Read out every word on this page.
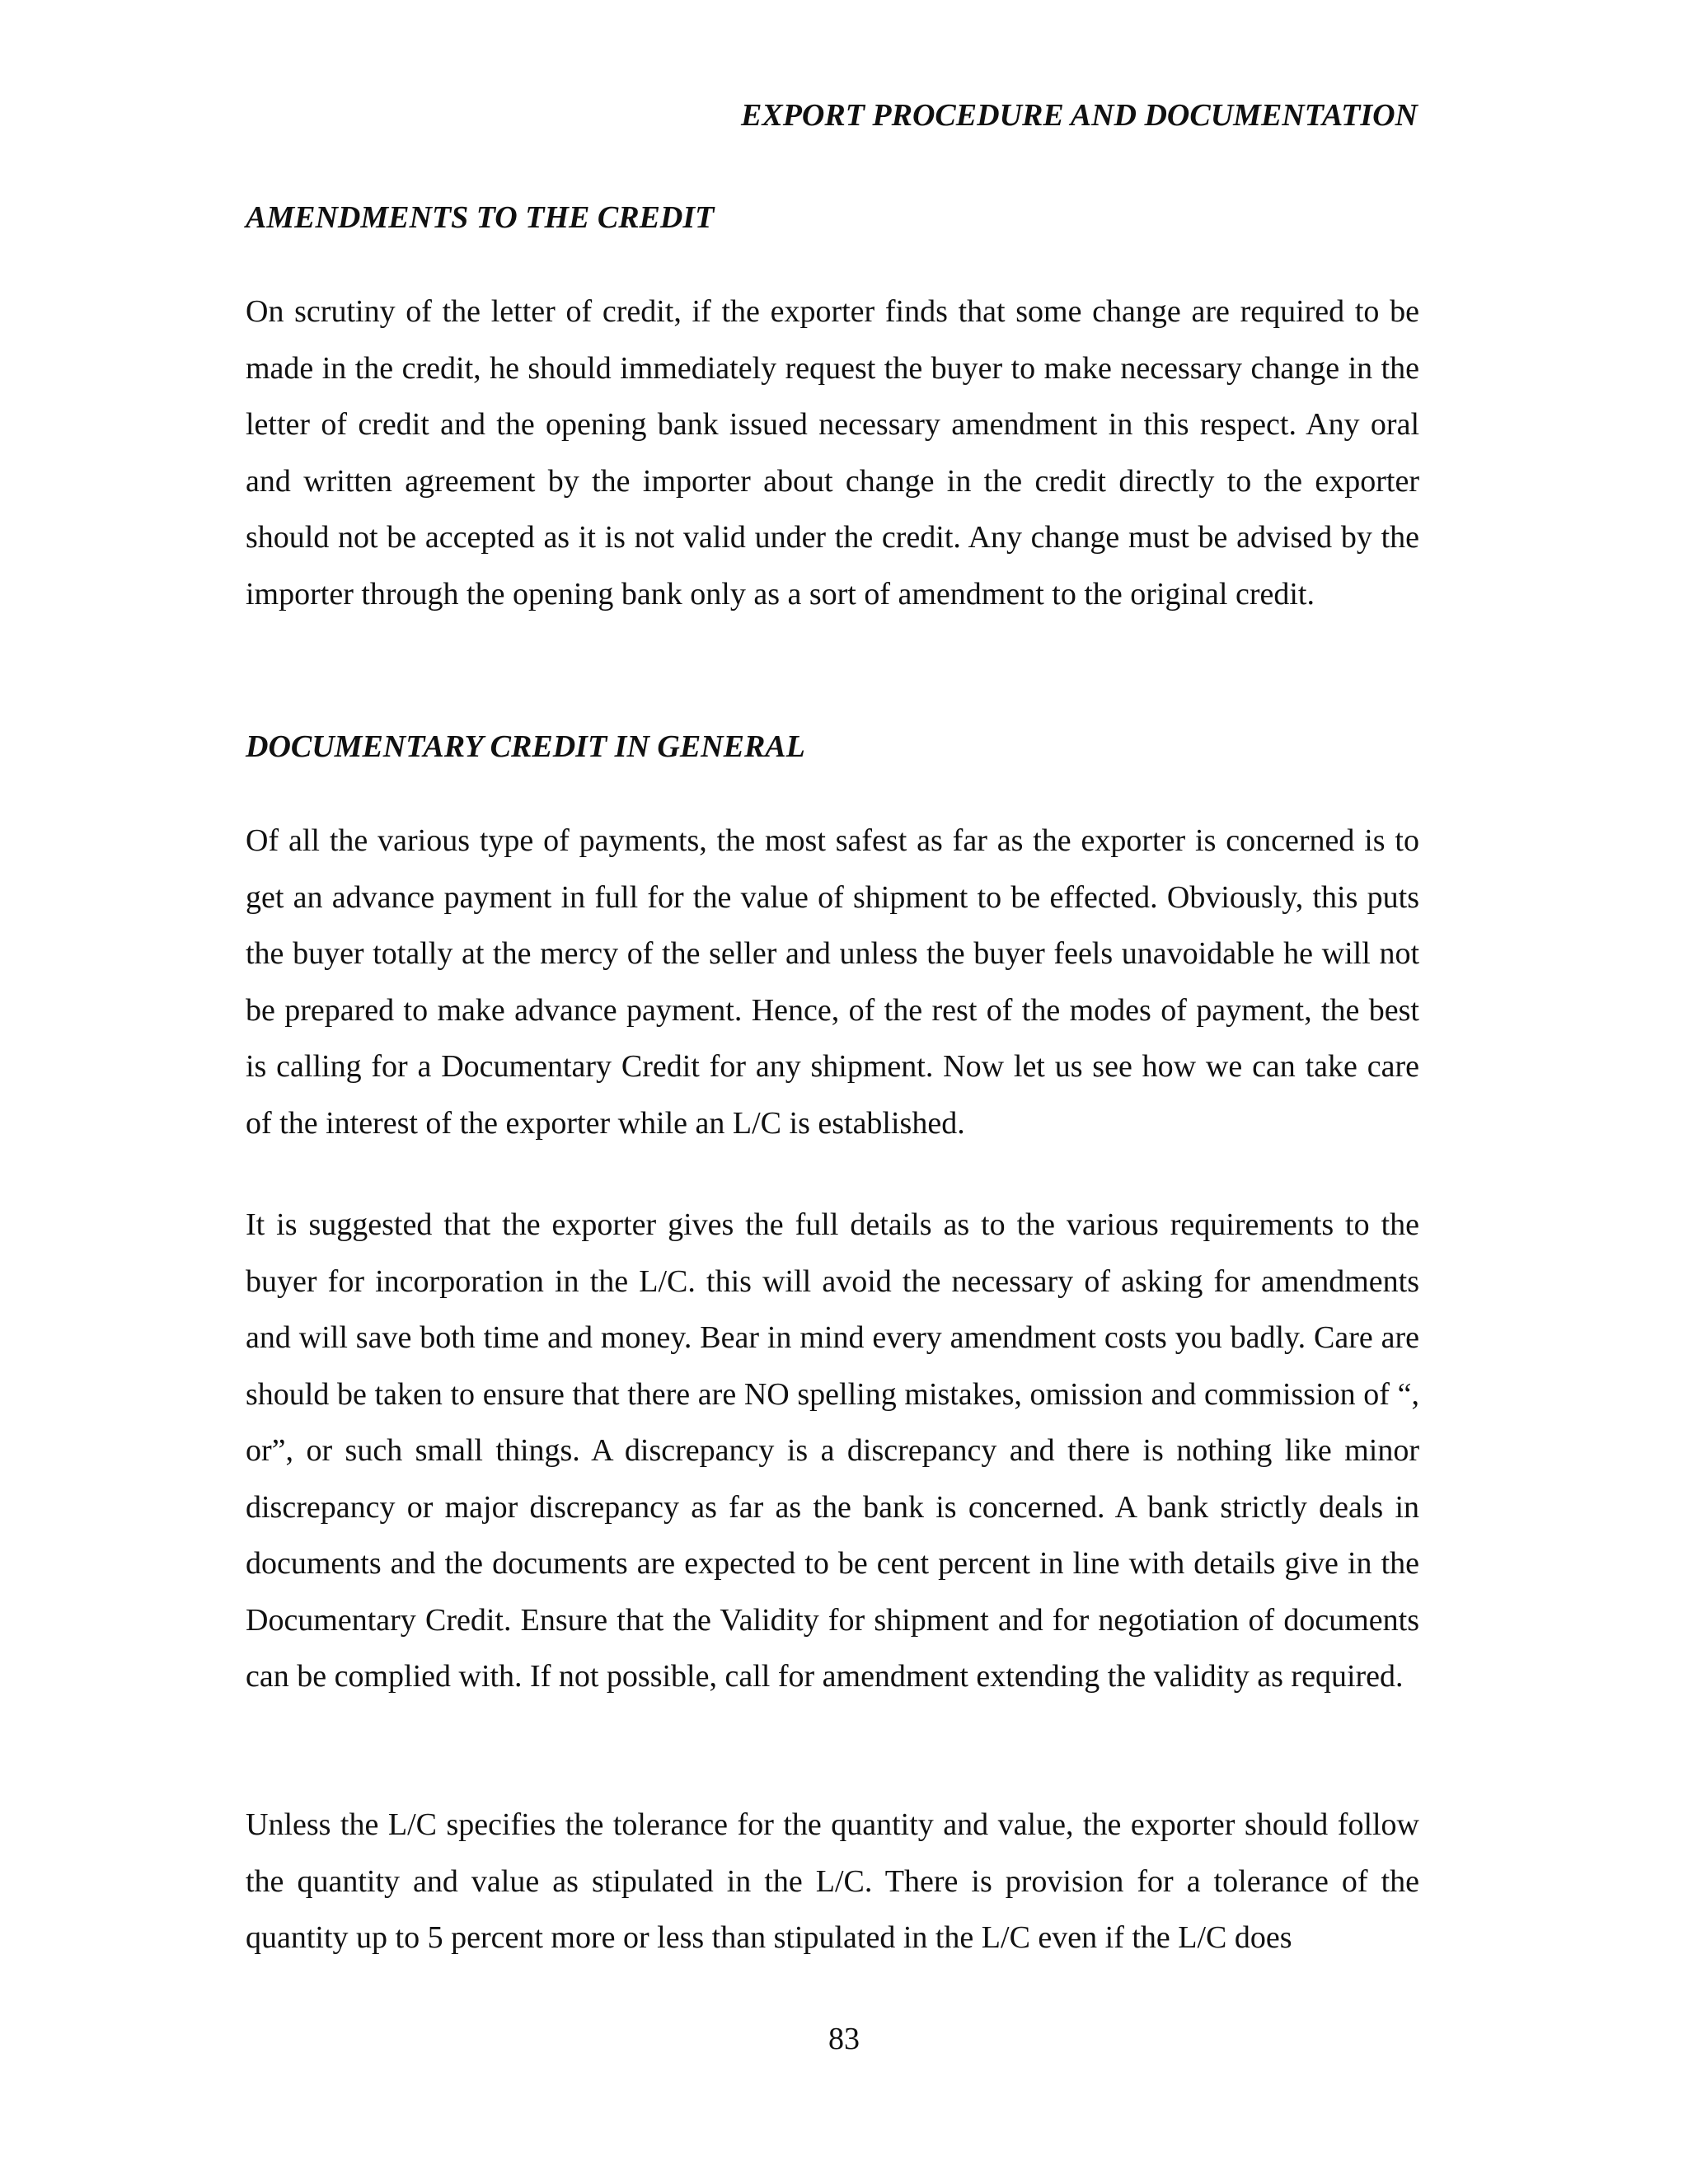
EXPORT PROCEDURE AND DOCUMENTATION
AMENDMENTS TO THE CREDIT

On scrutiny of the letter of credit, if the exporter finds that some change are required to be made in the credit, he should immediately request the buyer to make necessary change in the letter of credit and the opening bank issued necessary amendment in this respect. Any oral and written agreement by the importer about change in the credit directly to the exporter should not be accepted as it is not valid under the credit. Any change must be advised by the importer through the opening bank only as a sort of amendment to the original credit.

DOCUMENTARY CREDIT IN GENERAL

Of all the various type of payments, the most safest as far as the exporter is concerned is to get an advance payment in full for the value of shipment to be effected. Obviously, this puts the buyer totally at the mercy of the seller and unless the buyer feels unavoidable he will not be prepared to make advance payment. Hence, of the rest of the modes of payment, the best is calling for a Documentary Credit for any shipment. Now let us see how we can take care of the interest of the exporter while an L/C is established.

It is suggested that the exporter gives the full details as to the various requirements to the buyer for incorporation in the L/C. this will avoid the necessary of asking for amendments and will save both time and money. Bear in mind every amendment costs you badly. Care are should be taken to ensure that there are NO spelling mistakes, omission and commission of “, or”, or such small things. A discrepancy is a discrepancy and there is nothing like minor discrepancy or major discrepancy as far as the bank is concerned. A bank strictly deals in documents and the documents are expected to be cent percent in line with details give in the Documentary Credit. Ensure that the Validity for shipment and for negotiation of documents can be complied with. If not possible, call for amendment extending the validity as required.

Unless the L/C specifies the tolerance for the quantity and value, the exporter should follow the quantity and value as stipulated in the L/C. There is provision for a tolerance of the quantity up to 5 percent more or less than stipulated in the L/C even if the L/C does

83
